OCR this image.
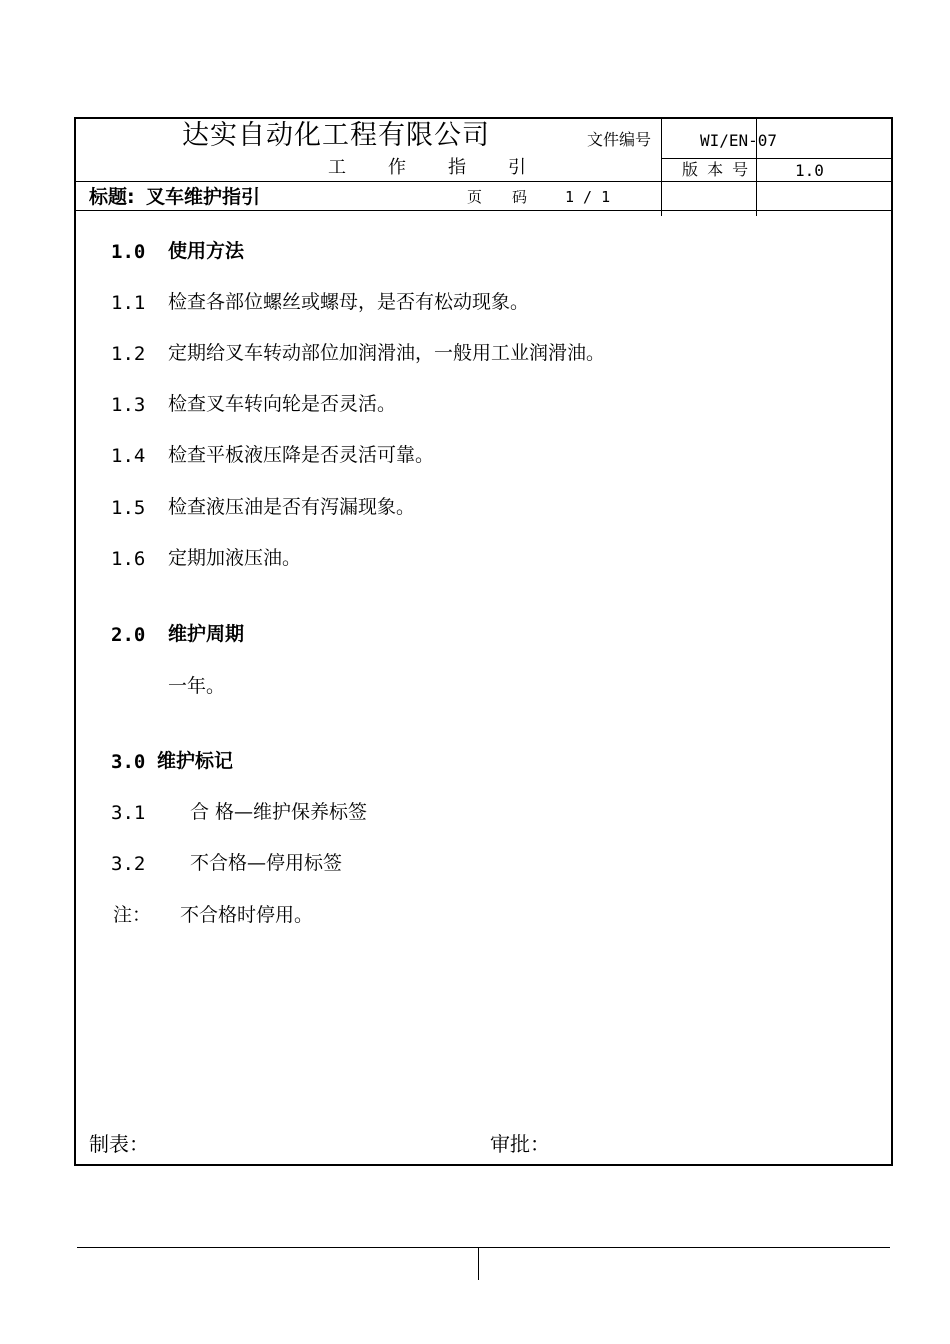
达实自动化工程有限公司	文件编号	WI/EN-07
工　　作　　指　　引	版 本 号	1.0
标题: 叉车维护指引	页　　码	1 / 1
1.0 使用方法
1.1 检查各部位螺丝或螺母，是否有松动现象。
1.2 定期给叉车转动部位加润滑油，一般用工业润滑油。
1.3 检查叉车转向轮是否灵活。
1.4 检查平板液压降是否灵活可靠。
1.5 检查液压油是否有泻漏现象。
1.6 定期加液压油。
2.0 维护周期
一年。
3.0 维护标记
3.1 合 格—维护保养标签
3.2 不合格—停用标签
注： 不合格时停用。
制表：	审批：
